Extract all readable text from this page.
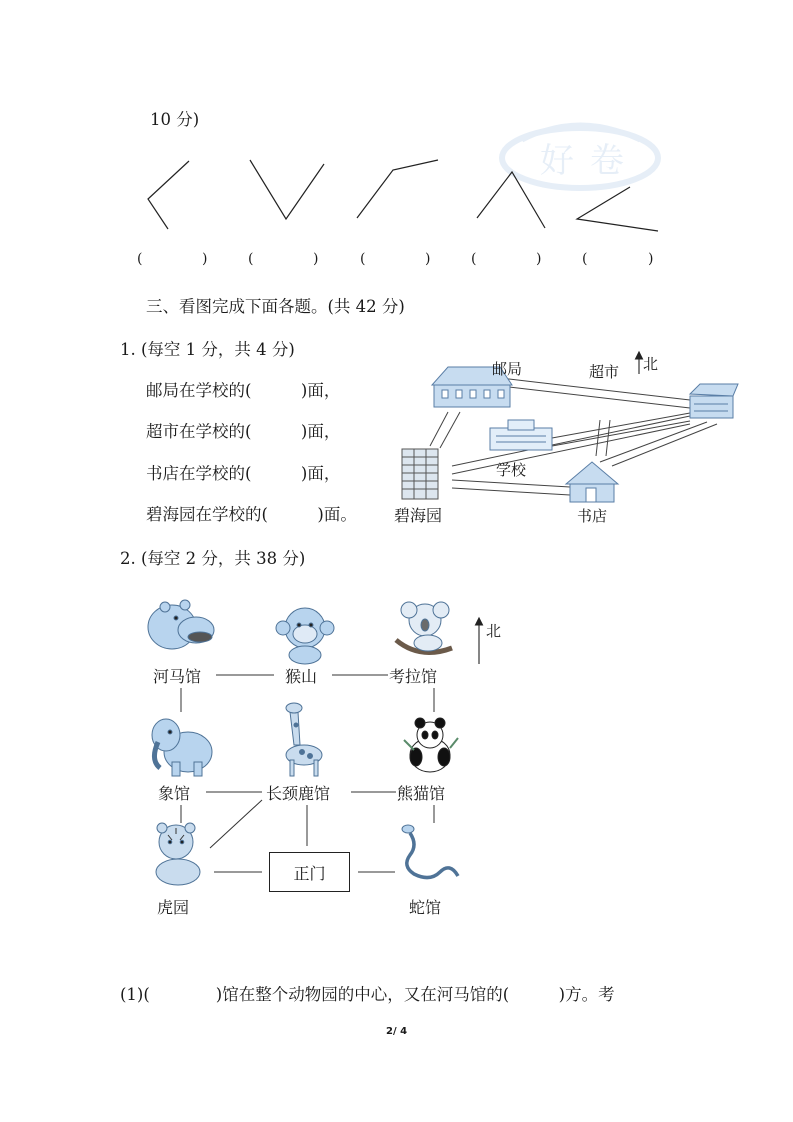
好 卷
10 分)
(	)	(	)	(	)	(	)	(	)
三、看图完成下面各题。(共 42 分)
1. (每空 1 分，共 4 分)
邮局在学校的(　　　)面，
超市在学校的(　　　)面，
书店在学校的(　　　)面，
碧海园在学校的(　　　)面。
邮局	超市 北
学校
碧海园	书店
2. (每空 2 分，共 38 分)
河马馆	猴山	考拉馆
北
象馆	长颈鹿馆	熊猫馆
正门
虎园	蛇馆
(1)(　　　　)馆在整个动物园的中心，又在河马馆的(　　　)方。考
2/ 4
